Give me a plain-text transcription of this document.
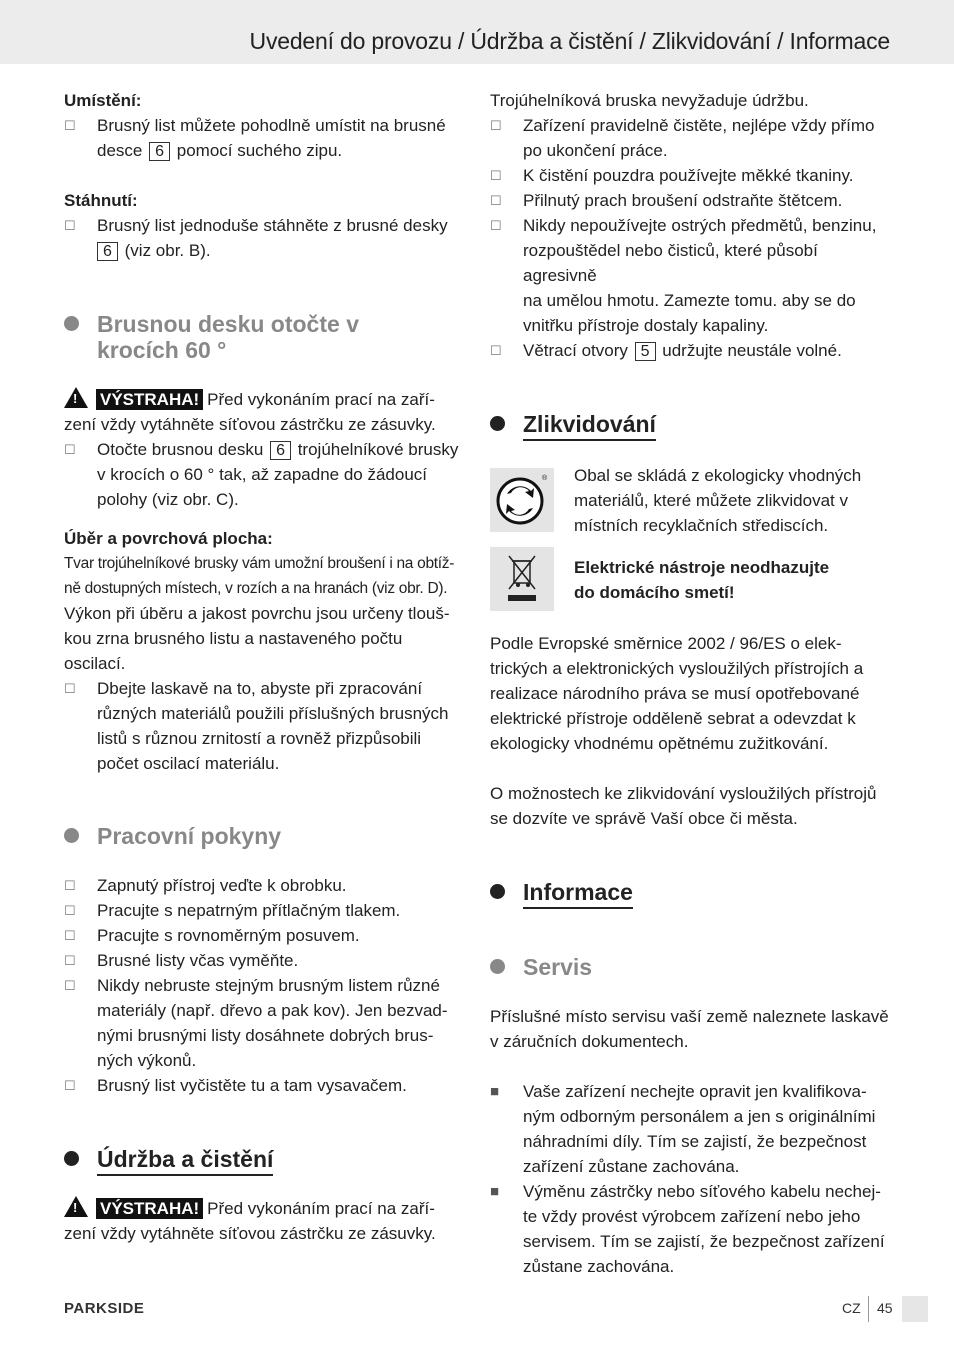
Uvedení do provozu / Údržba a čistění / Zlikvidování / Informace
Umístění:
☐ Brusný list můžete pohodlně umístit na brusné
desce 6 pomocí suchého zipu.
Stáhnutí:
☐ Brusný list jednoduše stáhněte z brusné desky
6 (viz obr. B).
Brusnou desku otočte v
krocích 60 °
!VÝSTRAHA! Před vykonáním prací na zaří-
zení vždy vytáhněte síťovou zástrčku ze zásuvky.
☐ Otočte brusnou desku 6 trojúhelníkové brusky
v krocích o 60 ° tak, až zapadne do žádoucí
polohy (viz obr. C).
Úběr a povrchová plocha:
Tvar trojúhelníkové brusky vám umožní broušení i na obtíž-
ně dostupných místech, v rozích a na hranách (viz obr. D).
Výkon při úběru a jakost povrchu jsou určeny tlouš-
kou zrna brusného listu a nastaveného počtu oscilací.
☐ Dbejte laskavě na to, abyste při zpracování
různých materiálů použili příslušných brusných
listů s různou zrnitostí a rovněž přizpůsobili
počet oscilací materiálu.
Pracovní pokyny
☐ Zapnutý přístroj veďte k obrobku.
☐ Pracujte s nepatrným přítlačným tlakem.
☐ Pracujte s rovnoměrným posuvem.
☐ Brusné listy včas vyměňte.
☐ Nikdy nebruste stejným brusným listem různé
materiály (např. dřevo a pak kov). Jen bezvad-
nými brusnými listy dosáhnete dobrých brus-
ných výkonů.
☐ Brusný list vyčistěte tu a tam vysavačem.
Údržba a čistění
!VÝSTRAHA! Před vykonáním prací na zaří-
zení vždy vytáhněte síťovou zástrčku ze zásuvky.
Trojúhelníková bruska nevyžaduje údržbu.
☐ Zařízení pravidelně čistěte, nejlépe vždy přímo
po ukončení práce.
☐ K čistění pouzdra používejte měkké tkaniny.
☐ Přilnutý prach broušení odstraňte štětcem.
☐ Nikdy nepoužívejte ostrých předmětů, benzinu,
rozpouštědel nebo čisticů, které působí agresivně
na umělou hmotu. Zamezte tomu. aby se do
vnitřku přístroje dostaly kapaliny.
☐ Větrací otvory 5 udržujte neustále volné.
Zlikvidování
® Obal se skládá z ekologicky vhodných
materiálů, které můžete zlikvidovat v
místních recyklačních střediscích.
Elektrické nástroje neodhazujte
do domácího smetí!
Podle Evropské směrnice 2002 / 96/ES o elek-
trických a elektronických vysloužilých přístrojích a
realizace národního práva se musí opotřebované
elektrické přístroje odděleně sebrat a odevzdat k
ekologicky vhodnému opětnému zužitkování.
O možnostech ke zlikvidování vysloužilých přístrojů
se dozvíte ve správě Vaší obce či města.
Informace
Servis
Příslušné místo servisu vaší země naleznete laskavě
v záručních dokumentech.
■ Vaše zařízení nechejte opravit jen kvalifikova-
ným odborným personálem a jen s originálními
náhradními díly. Tím se zajistí, že bezpečnost
zařízení zůstane zachována.
■ Výměnu zástrčky nebo síťového kabelu nechej-
te vždy provést výrobcem zařízení nebo jeho
servisem. Tím se zajistí, že bezpečnost zařízení
zůstane zachována.
PARKSIDE	CZ 45
